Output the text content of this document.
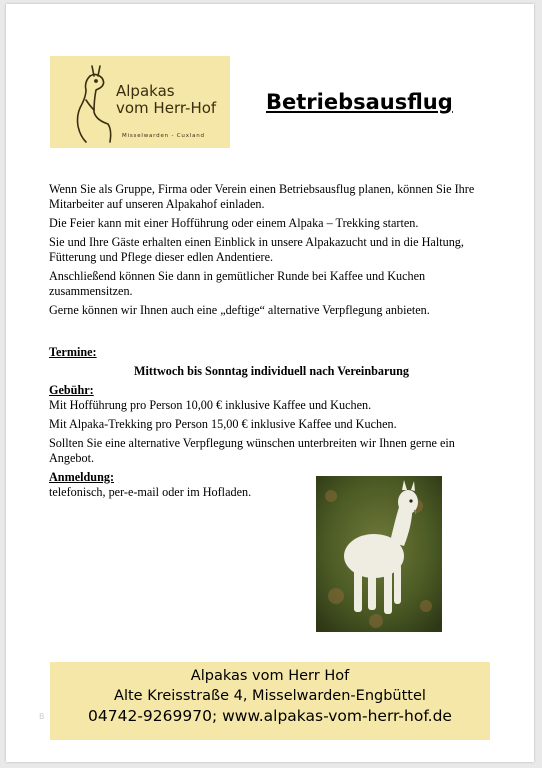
Alpakas
vom Herr-Hof
Misselwarden - Cuxland
Betriebsausflug

Wenn Sie als Gruppe, Firma oder Verein einen Betriebsausflug planen, können Sie Ihre Mitarbeiter auf unseren Alpakahof einladen.

Die Feier kann mit einer Hofführung oder einem Alpaka – Trekking starten.

Sie und Ihre Gäste erhalten einen Einblick in unsere Alpakazucht und in die Haltung, Fütterung und Pflege dieser edlen Andentiere.

Anschließend können Sie dann in gemütlicher Runde bei Kaffee und Kuchen zusammensitzen.

Gerne können wir Ihnen auch eine „deftige“ alternative Verpflegung anbieten.

Termine:
Mittwoch bis Sonntag individuell nach Vereinbarung
Gebühr:

Mit Hofführung pro Person 10,00 € inklusive Kaffee und Kuchen.

Mit Alpaka-Trekking pro Person 15,00 € inklusive Kaffee und Kuchen.

Sollten Sie eine alternative Verpflegung wünschen unterbreiten wir Ihnen gerne ein Angebot.

Anmeldung:
telefonisch, per-e-mail oder im Hofladen.
Alpakas vom Herr Hof
Alte Kreisstraße 4, Misselwarden-Engbüttel
04742-9269970; www.alpakas-vom-herr-hof.de
B
